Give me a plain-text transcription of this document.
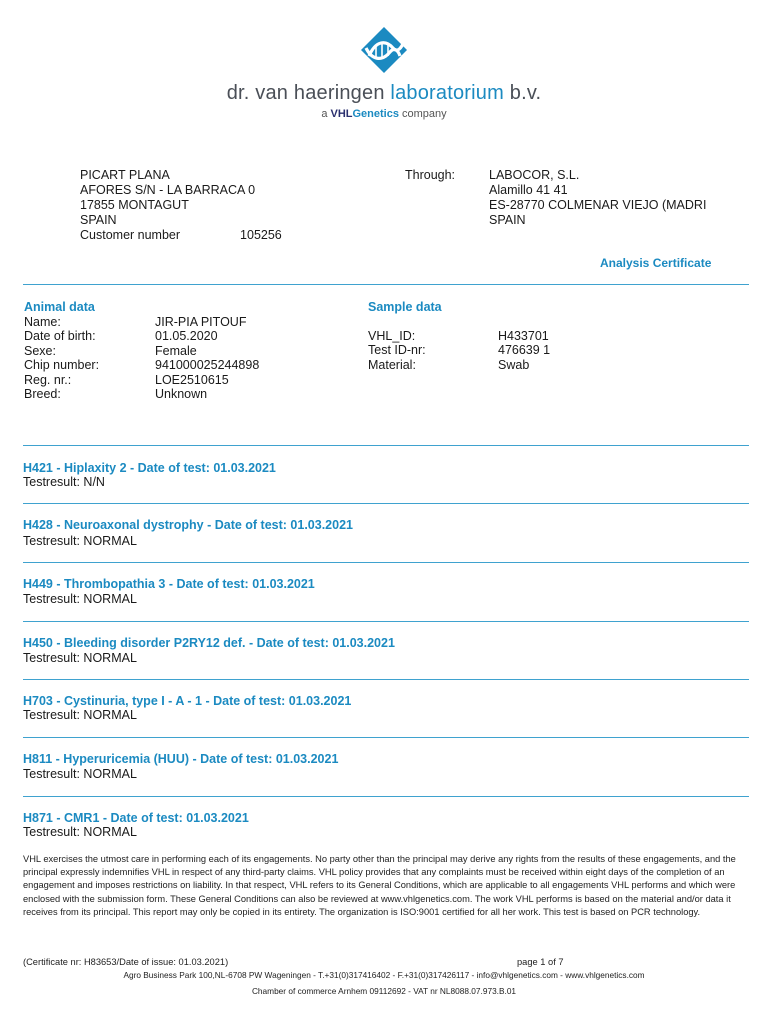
dr. van haeringen laboratorium b.v.
a VHLGenetics company
PICART PLANA
AFORES S/N - LA BARRACA 0
17855 MONTAGUT
SPAIN
Customer number	105256
Through:	LABOCOR, S.L.
Alamillo 41 41
ES-28770 COLMENAR VIEJO (MADRI
SPAIN
Analysis Certificate
Animal data
Name:	JIR-PIA PITOUF
Date of birth:	01.05.2020
Sexe:	Female
Chip number:	941000025244898
Reg. nr.:	LOE2510615
Breed:	Unknown
Sample data
VHL_ID:	H433701
Test ID-nr:	476639 1
Material:	Swab
H421 - Hiplaxity 2 - Date of test: 01.03.2021
Testresult: N/N
H428 - Neuroaxonal dystrophy - Date of test: 01.03.2021
Testresult: NORMAL
H449 - Thrombopathia 3 - Date of test: 01.03.2021
Testresult: NORMAL
H450 - Bleeding disorder P2RY12 def. - Date of test: 01.03.2021
Testresult: NORMAL
H703 - Cystinuria, type I - A - 1 - Date of test: 01.03.2021
Testresult: NORMAL
H811 - Hyperuricemia (HUU) - Date of test: 01.03.2021
Testresult: NORMAL
H871 - CMR1 - Date of test: 01.03.2021
Testresult: NORMAL
VHL exercises the utmost care in performing each of its engagements. No party other than the principal may derive any rights from the results of these engagements, and the principal expressly indemnifies VHL in respect of any third-party claims. VHL policy provides that any complaints must be received within eight days of the completion of an engagement and imposes restrictions on liability. In that respect, VHL refers to its General Conditions, which are applicable to all engagements VHL performs and which were enclosed with the submission form. These General Conditions can also be reviewed at www.vhlgenetics.com. The work VHL performs is based on the material and/or data it receives from its principal. This report may only be copied in its entirety. The organization is ISO:9001 certified for all her work. This test is based on PCR technology.
(Certificate nr: H83653/Date of issue: 01.03.2021)	page 1 of 7
Agro Business Park 100,NL-6708 PW Wageningen - T.+31(0)317416402 - F.+31(0)317426117 - info@vhlgenetics.com - www.vhlgenetics.com
Chamber of commerce Arnhem 09112692 - VAT nr NL8088.07.973.B.01
